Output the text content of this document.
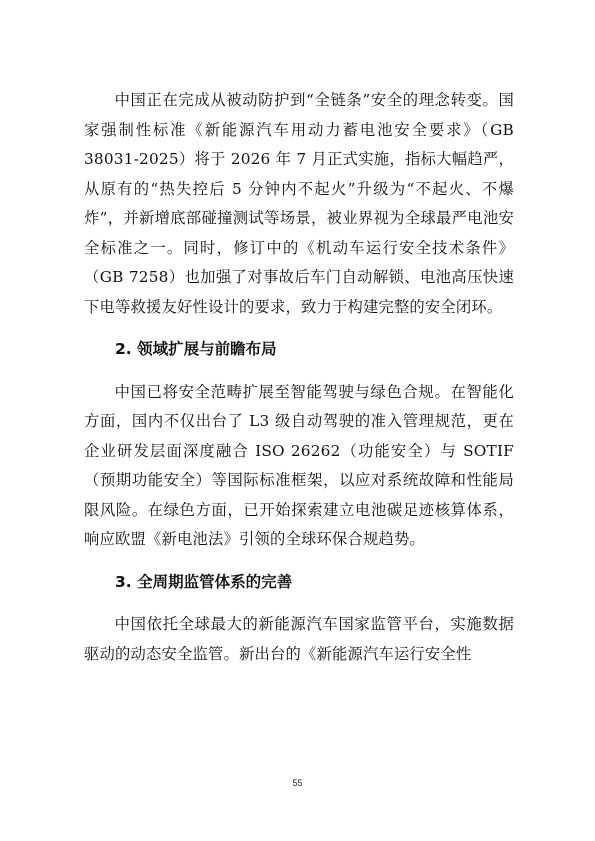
中国正在完成从被动防护到“全链条”安全的理念转变。国家强制性标准《新能源汽车用动力蓄电池安全要求》（GB 38031-2025）将于 2026 年 7 月正式实施，指标大幅趋严，从原有的“热失控后 5 分钟内不起火”升级为“不起火、不爆炸”，并新增底部碰撞测试等场景，被业界视为全球最严电池安全标准之一。同时，修订中的《机动车运行安全技术条件》（GB 7258）也加强了对事故后车门自动解锁、电池高压快速下电等救援友好性设计的要求，致力于构建完整的安全闭环。

2. 领域扩展与前瞻布局

中国已将安全范畴扩展至智能驾驶与绿色合规。在智能化方面，国内不仅出台了 L3 级自动驾驶的准入管理规范，更在企业研发层面深度融合 ISO 26262（功能安全）与 SOTIF（预期功能安全）等国际标准框架，以应对系统故障和性能局限风险。在绿色方面，已开始探索建立电池碳足迹核算体系，响应欧盟《新电池法》引领的全球环保合规趋势。

3. 全周期监管体系的完善

中国依托全球最大的新能源汽车国家监管平台，实施数据驱动的动态安全监管。新出台的《新能源汽车运行安全性

55
